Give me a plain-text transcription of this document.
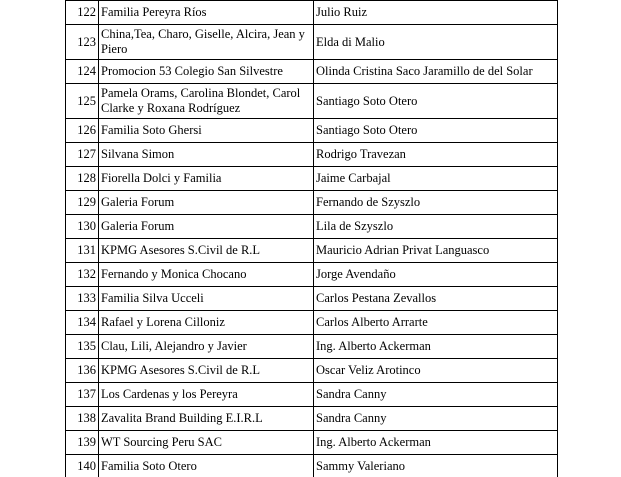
122	Familia Pereyra Ríos	Julio Ruiz
123	China,Tea, Charo, Giselle, Alcira, Jean y Piero	Elda di Malio
124	Promocion 53 Colegio San Silvestre	Olinda Cristina Saco Jaramillo de del Solar
125	Pamela Orams, Carolina Blondet, Carol Clarke y Roxana Rodríguez	Santiago Soto Otero
126	Familia Soto Ghersi	Santiago Soto Otero
127	Silvana Simon	Rodrigo Travezan
128	Fiorella Dolci y Familia	Jaime Carbajal
129	Galeria Forum	Fernando de Szyszlo
130	Galeria Forum	Lila de Szyszlo
131	KPMG Asesores S.Civil de R.L	Mauricio Adrian Privat Languasco
132	Fernando y Monica Chocano	Jorge Avendaño
133	Familia Silva Ucceli	Carlos Pestana Zevallos
134	Rafael y Lorena Cilloniz	Carlos Alberto Arrarte
135	Clau, Lili, Alejandro y Javier	Ing. Alberto Ackerman
136	KPMG Asesores S.Civil de R.L	Oscar Veliz Arotinco
137	Los Cardenas y los Pereyra	Sandra Canny
138	Zavalita Brand Building E.I.R.L	Sandra Canny
139	WT Sourcing Peru SAC	Ing. Alberto Ackerman
140	Familia Soto Otero	Sammy Valeriano
